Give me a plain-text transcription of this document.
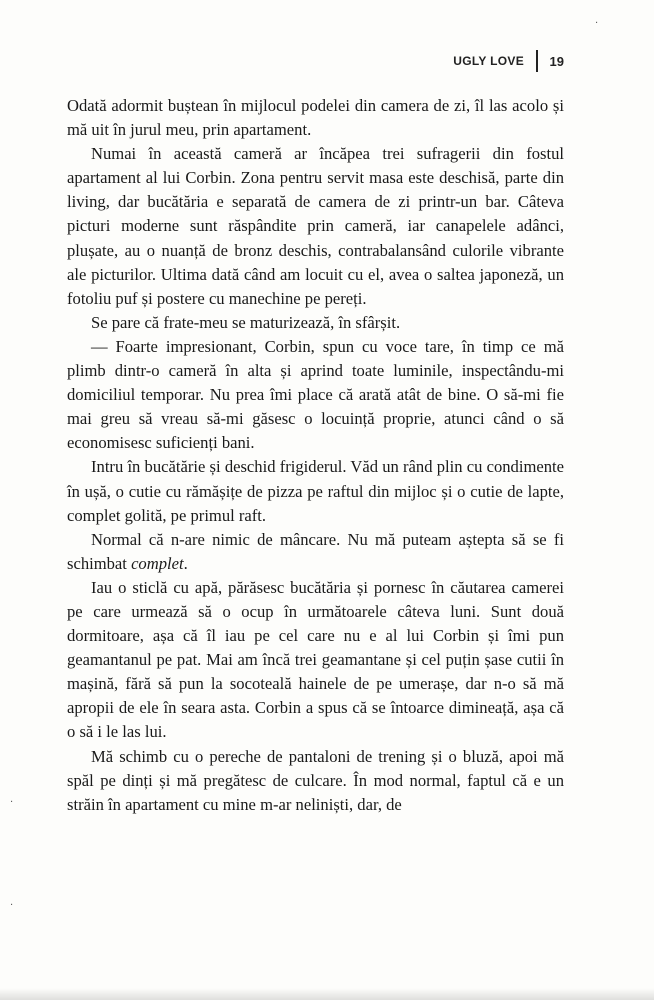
UGLY LOVE 19

Odată adormit buștean în mijlocul podelei din camera de zi, îl las acolo și mă uit în jurul meu, prin apartament.

Numai în această cameră ar încăpea trei sufragerii din fostul apartament al lui Corbin. Zona pentru servit masa este deschisă, parte din living, dar bucătăria e separată de camera de zi printr-un bar. Câteva picturi moderne sunt răspândite prin cameră, iar canapelele adânci, plușate, au o nuanță de bronz deschis, contrabalansând culorile vibrante ale picturilor. Ultima dată când am locuit cu el, avea o saltea japoneză, un fotoliu puf și postere cu manechine pe pereți.

Se pare că frate-meu se maturizează, în sfârșit.

— Foarte impresionant, Corbin, spun cu voce tare, în timp ce mă plimb dintr-o cameră în alta și aprind toate luminile, inspectându-mi domiciliul temporar. Nu prea îmi place că arată atât de bine. O să-mi fie mai greu să vreau să-mi găsesc o locuință proprie, atunci când o să economisesc suficienți bani.

Intru în bucătărie și deschid frigiderul. Văd un rând plin cu condimente în ușă, o cutie cu rămășițe de pizza pe raftul din mijloc și o cutie de lapte, complet golită, pe primul raft.

Normal că n-are nimic de mâncare. Nu mă puteam aștepta să se fi schimbat complet.

Iau o sticlă cu apă, părăsesc bucătăria și pornesc în căutarea camerei pe care urmează să o ocup în următoarele câteva luni. Sunt două dormitoare, așa că îl iau pe cel care nu e al lui Corbin și îmi pun geamantanul pe pat. Mai am încă trei geamantane și cel puțin șase cutii în mașină, fără să pun la socoteală hainele de pe umerașe, dar n-o să mă apropii de ele în seara asta. Corbin a spus că se întoarce dimineață, așa că o să i le las lui.

Mă schimb cu o pereche de pantaloni de trening și o bluză, apoi mă spăl pe dinți și mă pregătesc de culcare. În mod normal, faptul că e un străin în apartament cu mine m-ar neliniști, dar, de

·
·
·
